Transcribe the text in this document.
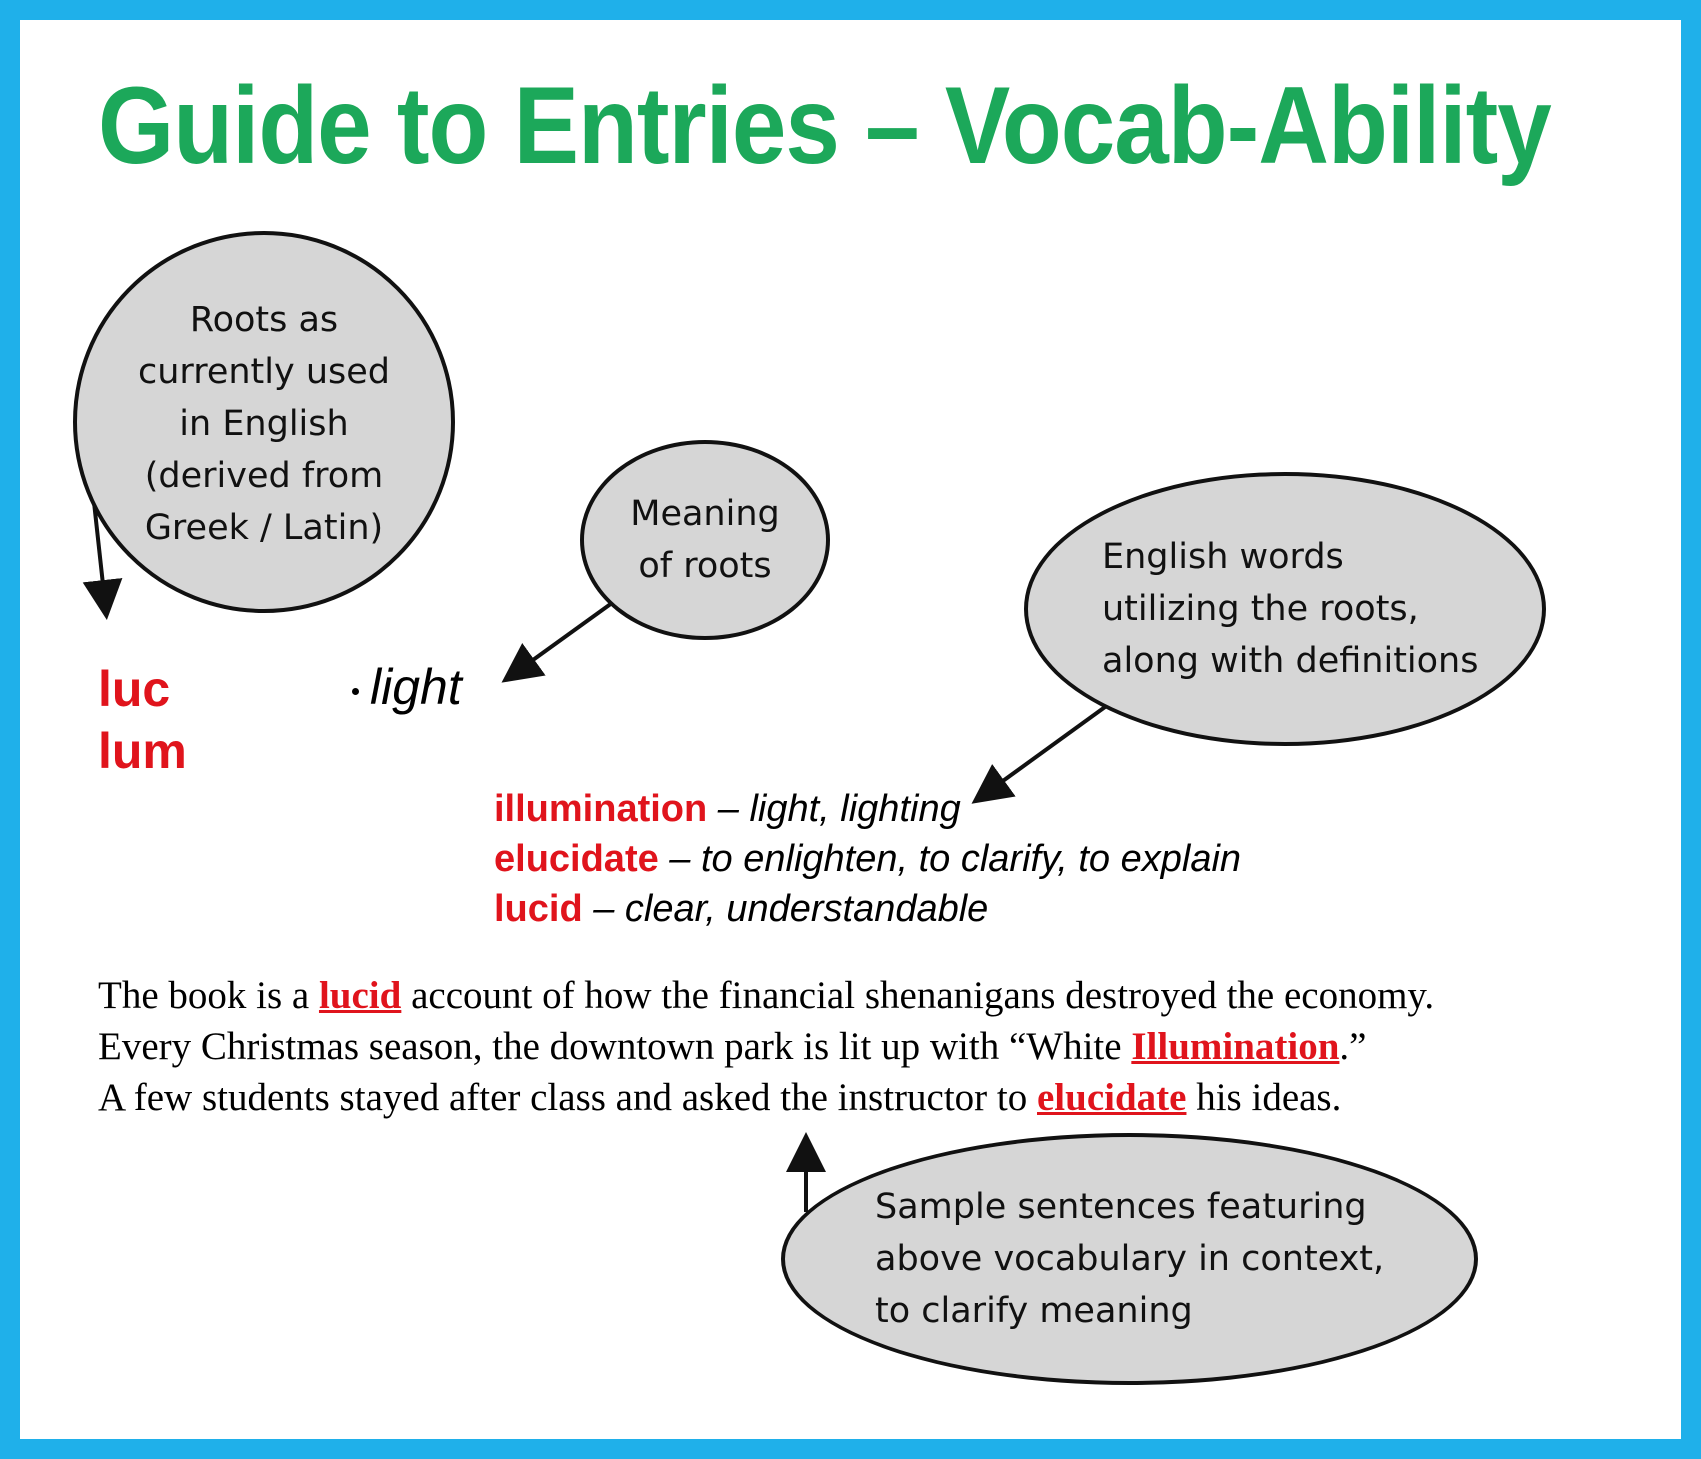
Guide to Entries – Vocab-Ability
Roots as
currently used
in English
(derived from
Greek / Latin)	Meaning
of roots	English words
utilizing the roots,
along with definitions
Sample sentences featuring
above vocabulary in context,
to clarify meaning
luc
lum
light
illumination – light, lighting
elucidate – to enlighten, to clarify, to explain
lucid – clear, understandable
The book is a lucid account of how the financial shenanigans destroyed the economy.
Every Christmas season, the downtown park is lit up with “White Illumination.”
A few students stayed after class and asked the instructor to elucidate his ideas.
